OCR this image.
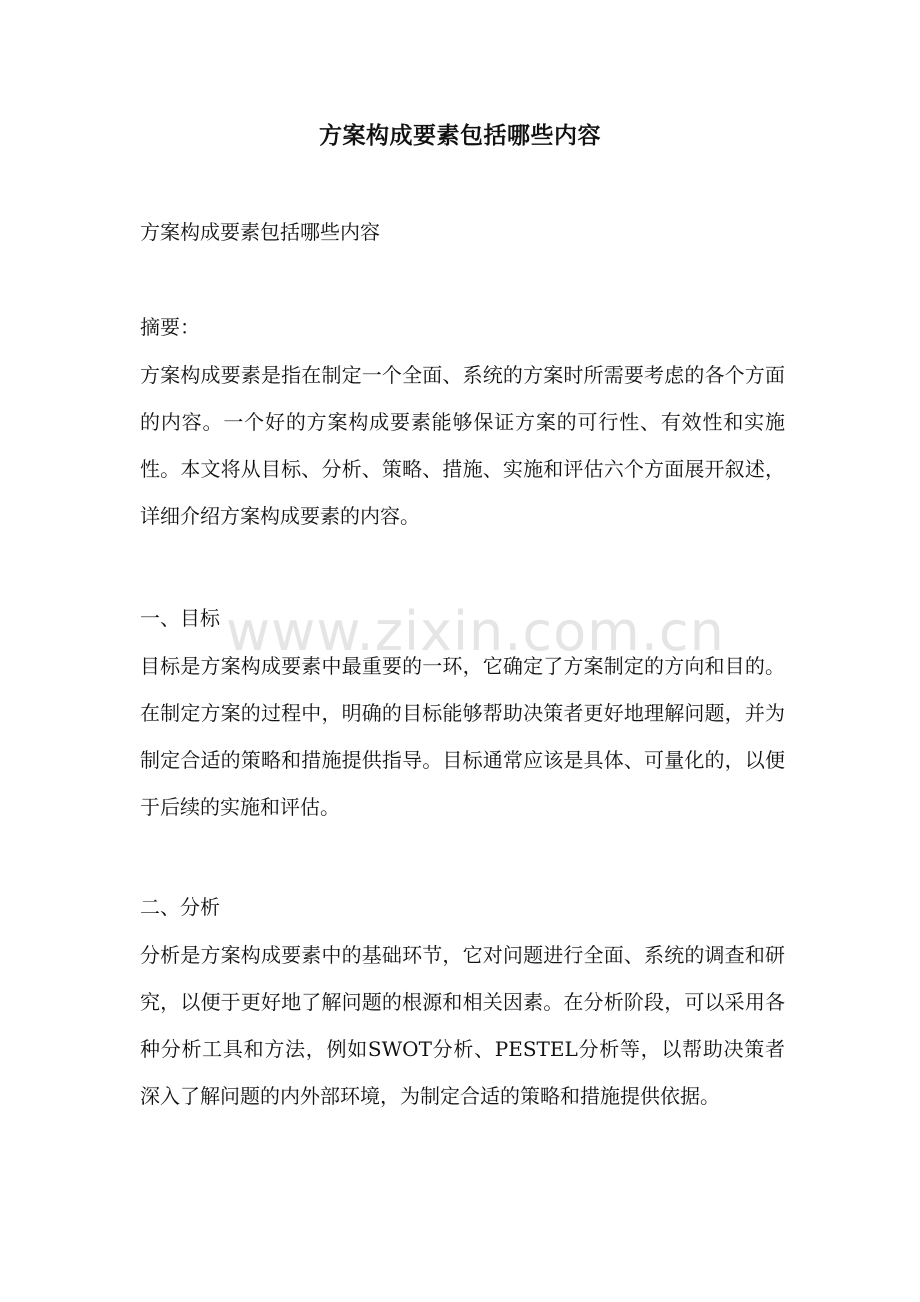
方案构成要素包括哪些内容
方案构成要素包括哪些内容
摘要：
方案构成要素是指在制定一个全面、系统的方案时所需要考虑的各个方面的内容。一个好的方案构成要素能够保证方案的可行性、有效性和实施性。本文将从目标、分析、策略、措施、实施和评估六个方面展开叙述，详细介绍方案构成要素的内容。
一、目标
目标是方案构成要素中最重要的一环，它确定了方案制定的方向和目的。在制定方案的过程中，明确的目标能够帮助决策者更好地理解问题，并为制定合适的策略和措施提供指导。目标通常应该是具体、可量化的，以便于后续的实施和评估。
二、分析
分析是方案构成要素中的基础环节，它对问题进行全面、系统的调查和研究，以便于更好地了解问题的根源和相关因素。在分析阶段，可以采用各种分析工具和方法，例如SWOT分析、PESTEL分析等，以帮助决策者深入了解问题的内外部环境，为制定合适的策略和措施提供依据。
www.zixin.com.cn
